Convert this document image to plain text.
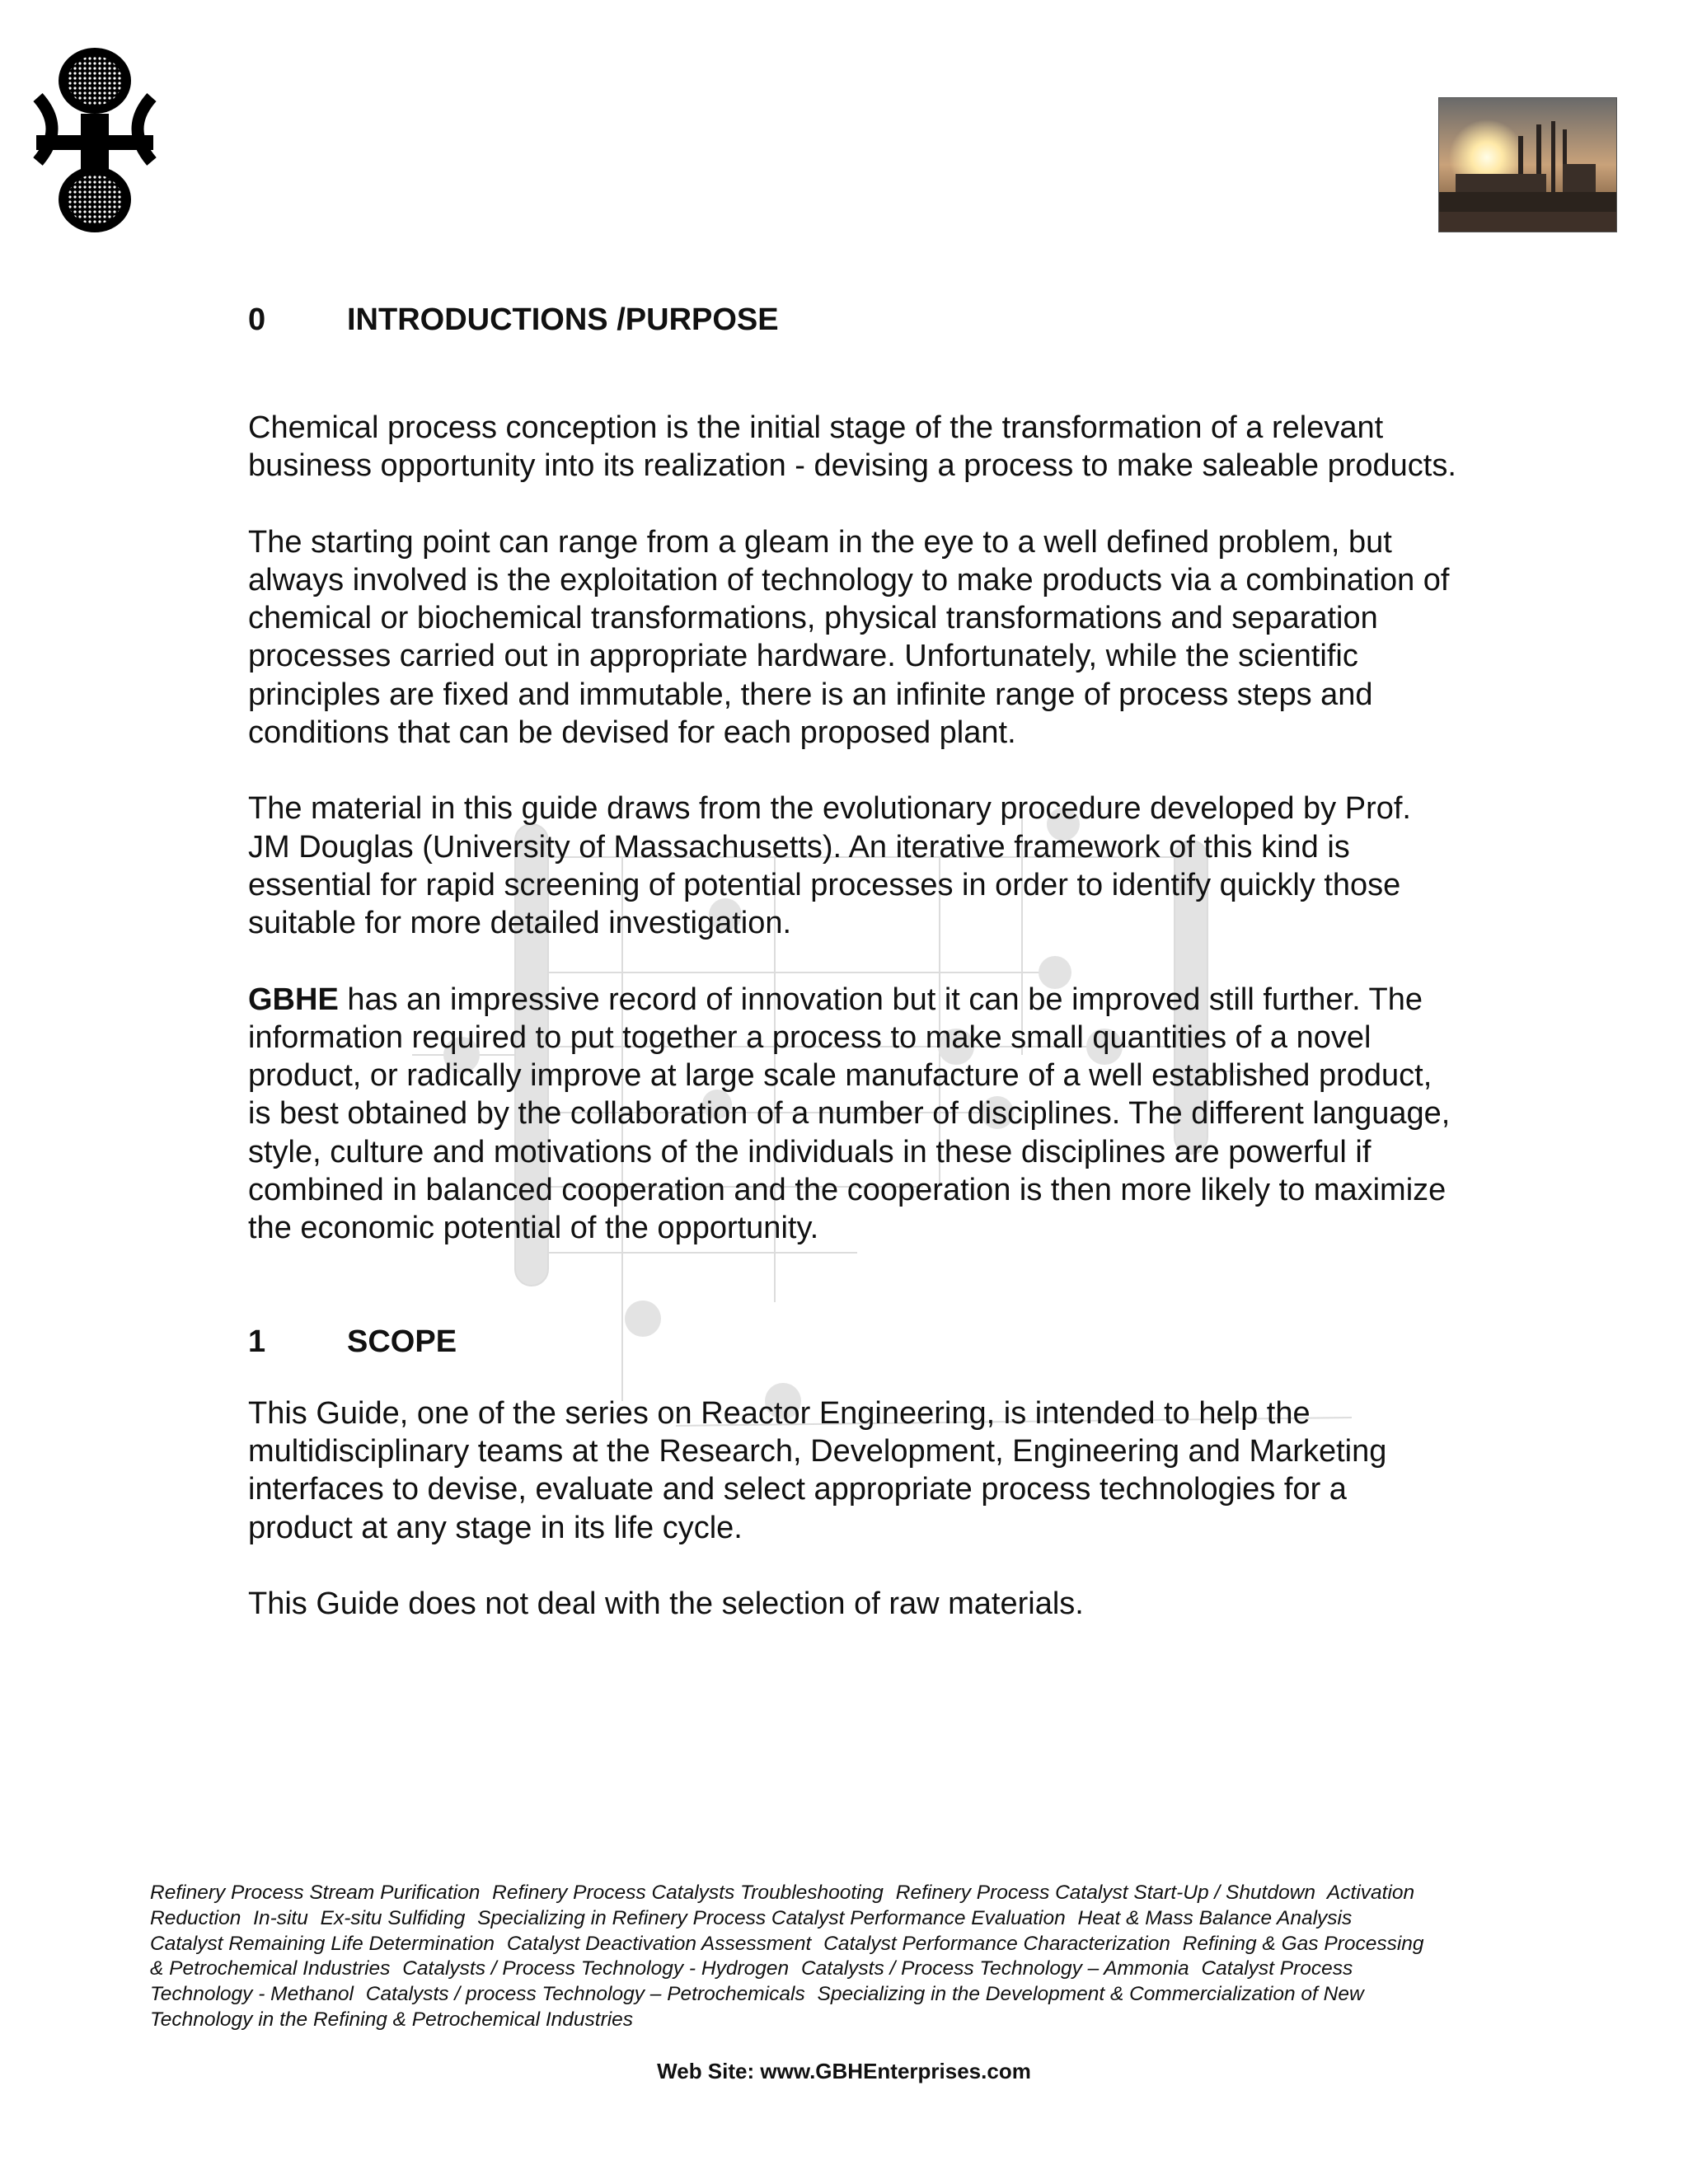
0	INTRODUCTIONS / PURPOSE

Chemical process conception is the initial stage of the transformation of a relevant business opportunity into its realization - devising a process to make saleable products.

The starting point can range from a gleam in the eye to a well defined problem, but always involved is the exploitation of technology to make products via a combination of chemical or biochemical transformations, physical transformations and separation processes carried out in appropriate hardware. Unfortunately, while the scientific principles are fixed and immutable, there is an infinite range of process steps and conditions that can be devised for each proposed plant.

The material in this guide draws from the evolutionary procedure developed by Prof. JM Douglas (University of Massachusetts). An iterative framework of this kind is essential for rapid screening of potential processes in order to identify quickly those suitable for more detailed investigation.

GBHE has an impressive record of innovation but it can be improved still further. The information required to put together a process to make small quantities of a novel product, or radically improve at large scale manufacture of a well established product, is best obtained by the collaboration of a number of disciplines. The different language, style, culture and motivations of the individuals in these disciplines are powerful if combined in balanced cooperation and the cooperation is then more likely to maximize the economic potential of the opportunity.

1	SCOPE

This Guide, one of the series on Reactor Engineering, is intended to help the multidisciplinary teams at the Research, Development, Engineering and Marketing interfaces to devise, evaluate and select appropriate process technologies for a product at any stage in its life cycle.

This Guide does not deal with the selection of raw materials.

Refinery Process Stream Purification Refinery Process Catalysts Troubleshooting Refinery Process Catalyst Start-Up / Shutdown Activation Reduction In-situ Ex-situ Sulfiding Specializing in Refinery Process Catalyst Performance Evaluation Heat & Mass Balance Analysis Catalyst Remaining Life Determination Catalyst Deactivation Assessment Catalyst Performance Characterization Refining & Gas Processing & Petrochemical Industries Catalysts / Process Technology - Hydrogen Catalysts / Process Technology – Ammonia Catalyst Process Technology - Methanol Catalysts / process Technology – Petrochemicals Specializing in the Development & Commercialization of New Technology in the Refining & Petrochemical Industries
Web Site: www.GBHEnterprises.com
